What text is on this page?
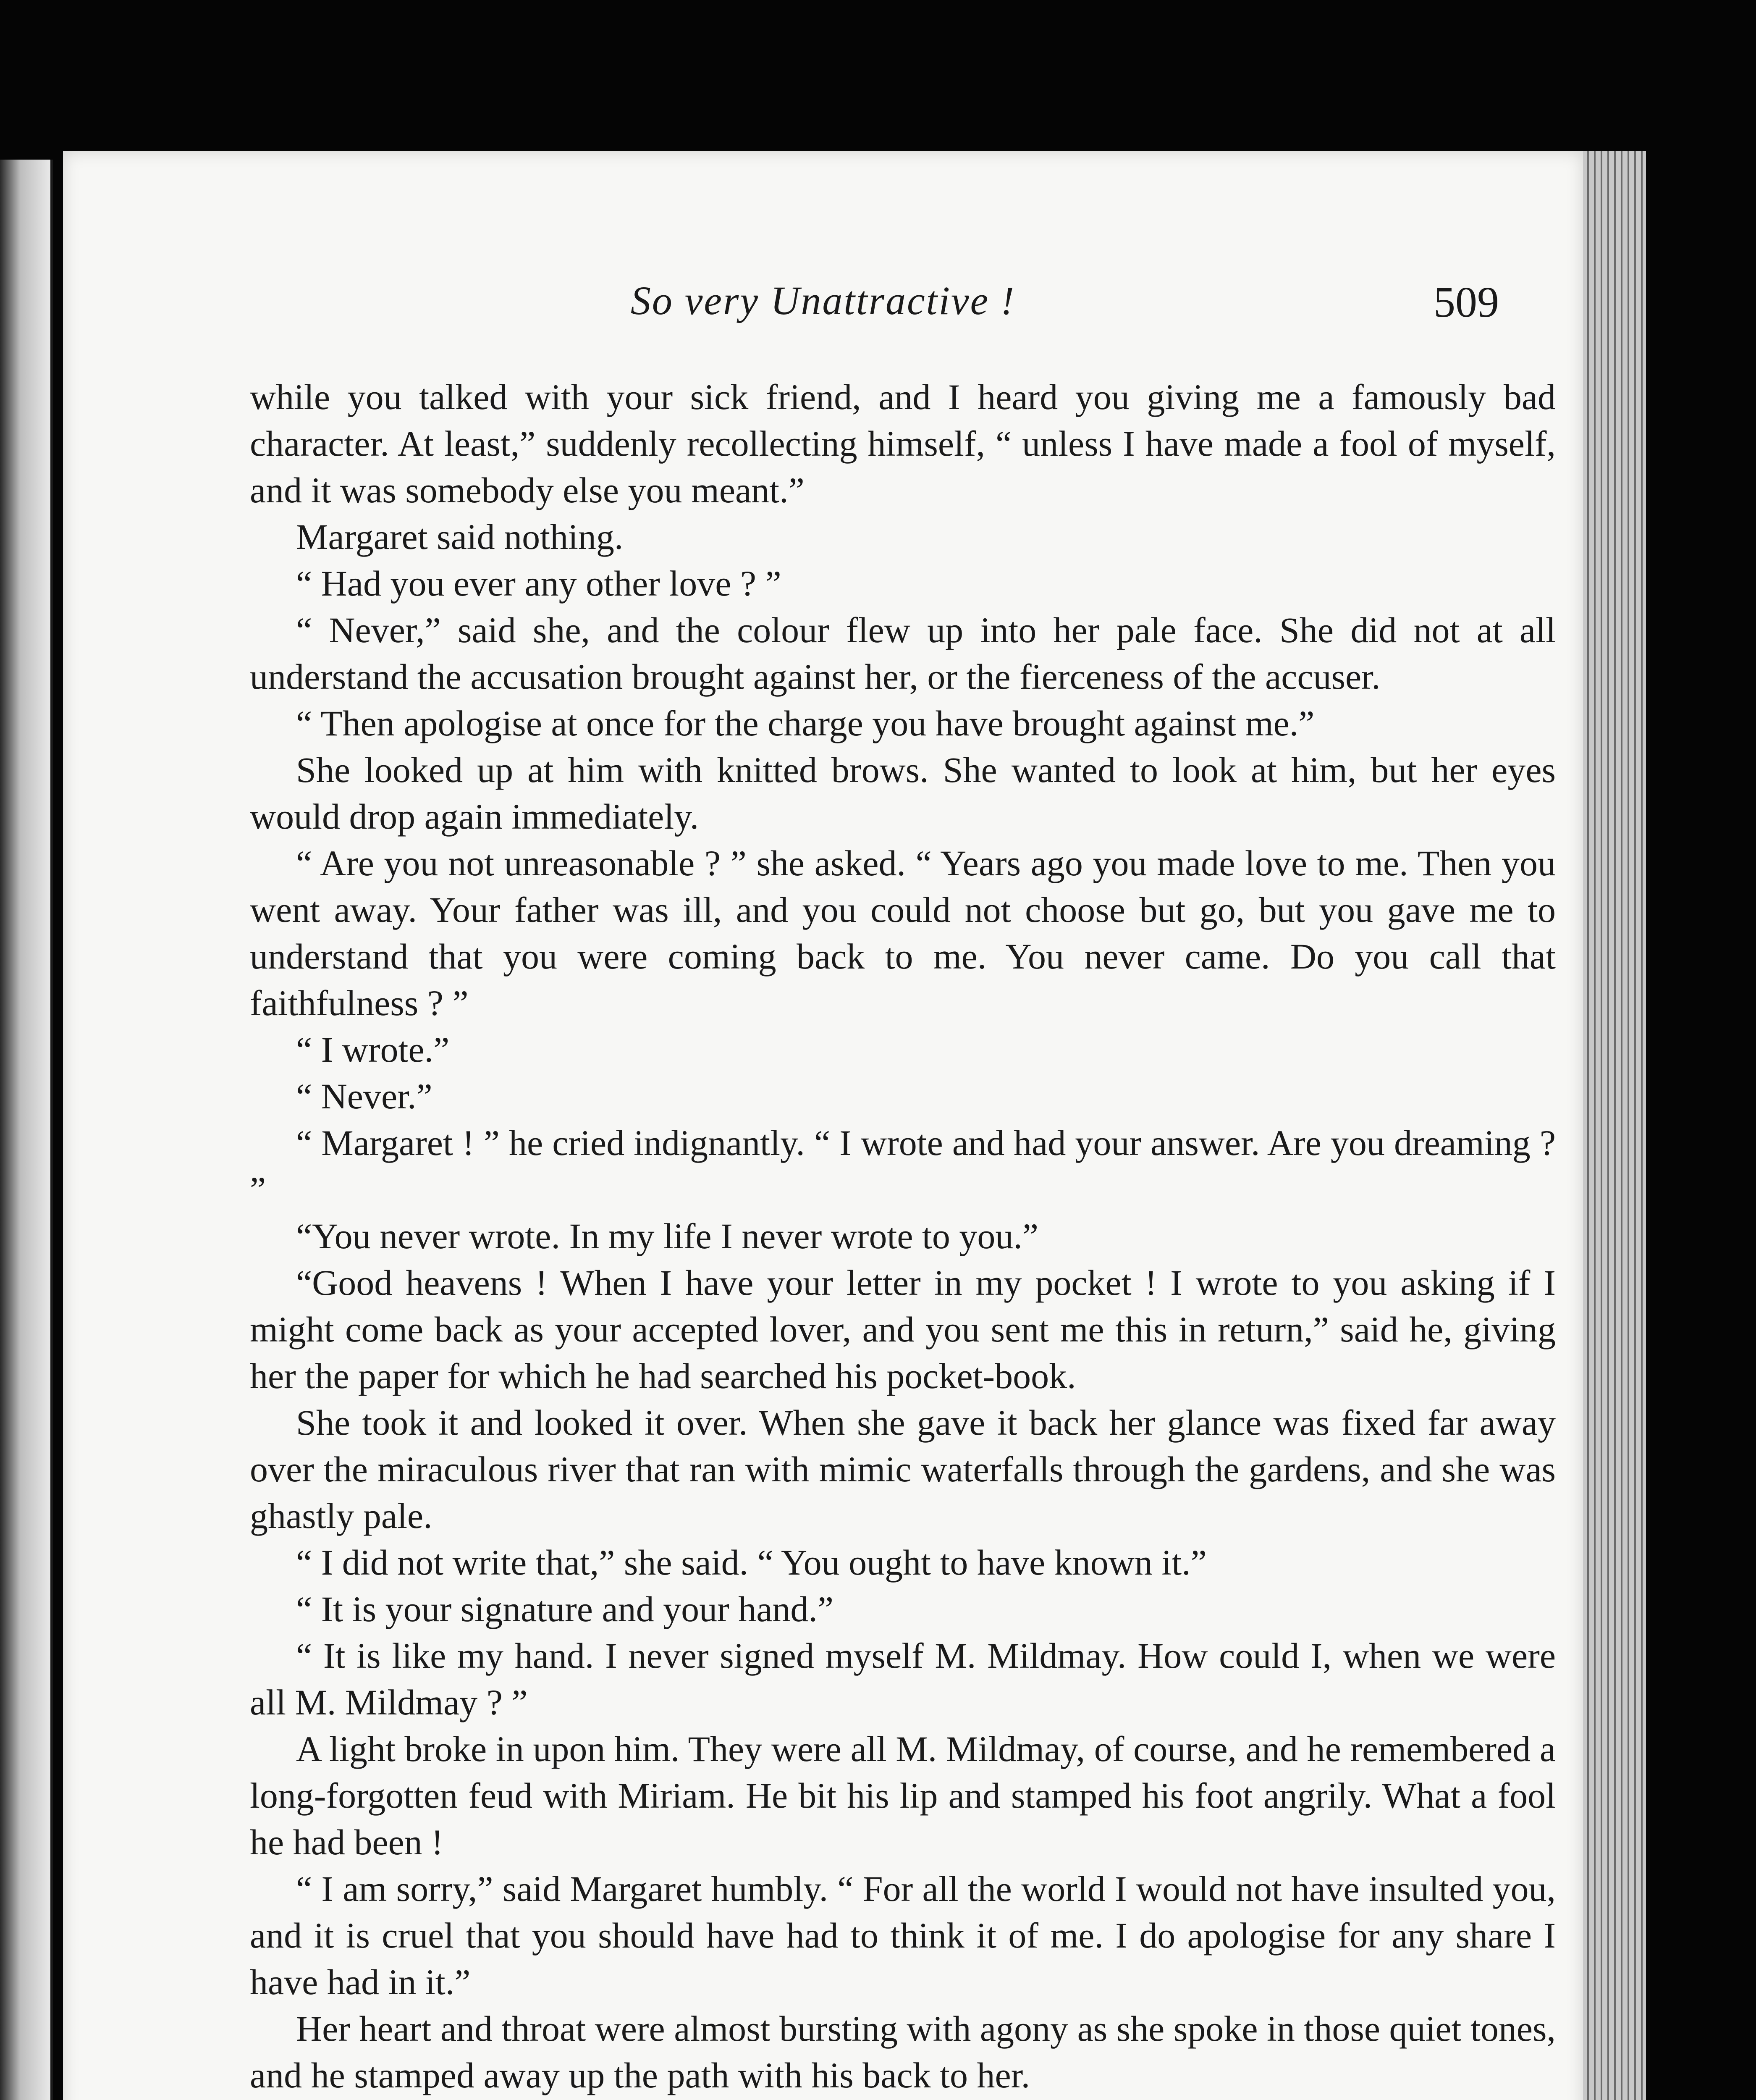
So very Unattractive !	509

while you talked with your sick friend, and I heard you giving me a famously bad character. At least,” suddenly recollecting himself, “ unless I have made a fool of myself, and it was somebody else you meant.”

Margaret said nothing.

“ Had you ever any other love ? ”

“ Never,” said she, and the colour flew up into her pale face. She did not at all understand the accusation brought against her, or the fierceness of the accuser.

“ Then apologise at once for the charge you have brought against me.”

She looked up at him with knitted brows. She wanted to look at him, but her eyes would drop again immediately.

“ Are you not unreasonable ? ” she asked. “ Years ago you made love to me. Then you went away. Your father was ill, and you could not choose but go, but you gave me to understand that you were coming back to me. You never came. Do you call that faithfulness ? ”

“ I wrote.”

“ Never.”

“ Margaret ! ” he cried indignantly. “ I wrote and had your answer. Are you dreaming ? ”

“You never wrote. In my life I never wrote to you.”

“Good heavens ! When I have your letter in my pocket ! I wrote to you asking if I might come back as your accepted lover, and you sent me this in return,” said he, giving her the paper for which he had searched his pocket-book.

She took it and looked it over. When she gave it back her glance was fixed far away over the miraculous river that ran with mimic waterfalls through the gardens, and she was ghastly pale.

“ I did not write that,” she said. “ You ought to have known it.”

“ It is your signature and your hand.”

“ It is like my hand. I never signed myself M. Mildmay. How could I, when we were all M. Mildmay ? ”

A light broke in upon him. They were all M. Mildmay, of course, and he remembered a long-forgotten feud with Miriam. He bit his lip and stamped his foot angrily. What a fool he had been !

“ I am sorry,” said Margaret humbly. “ For all the world I would not have insulted you, and it is cruel that you should have had to think it of me. I do apologise for any share I have had in it.”

Her heart and throat were almost bursting with agony as she spoke in those quiet tones, and he stamped away up the path with his back to her.
